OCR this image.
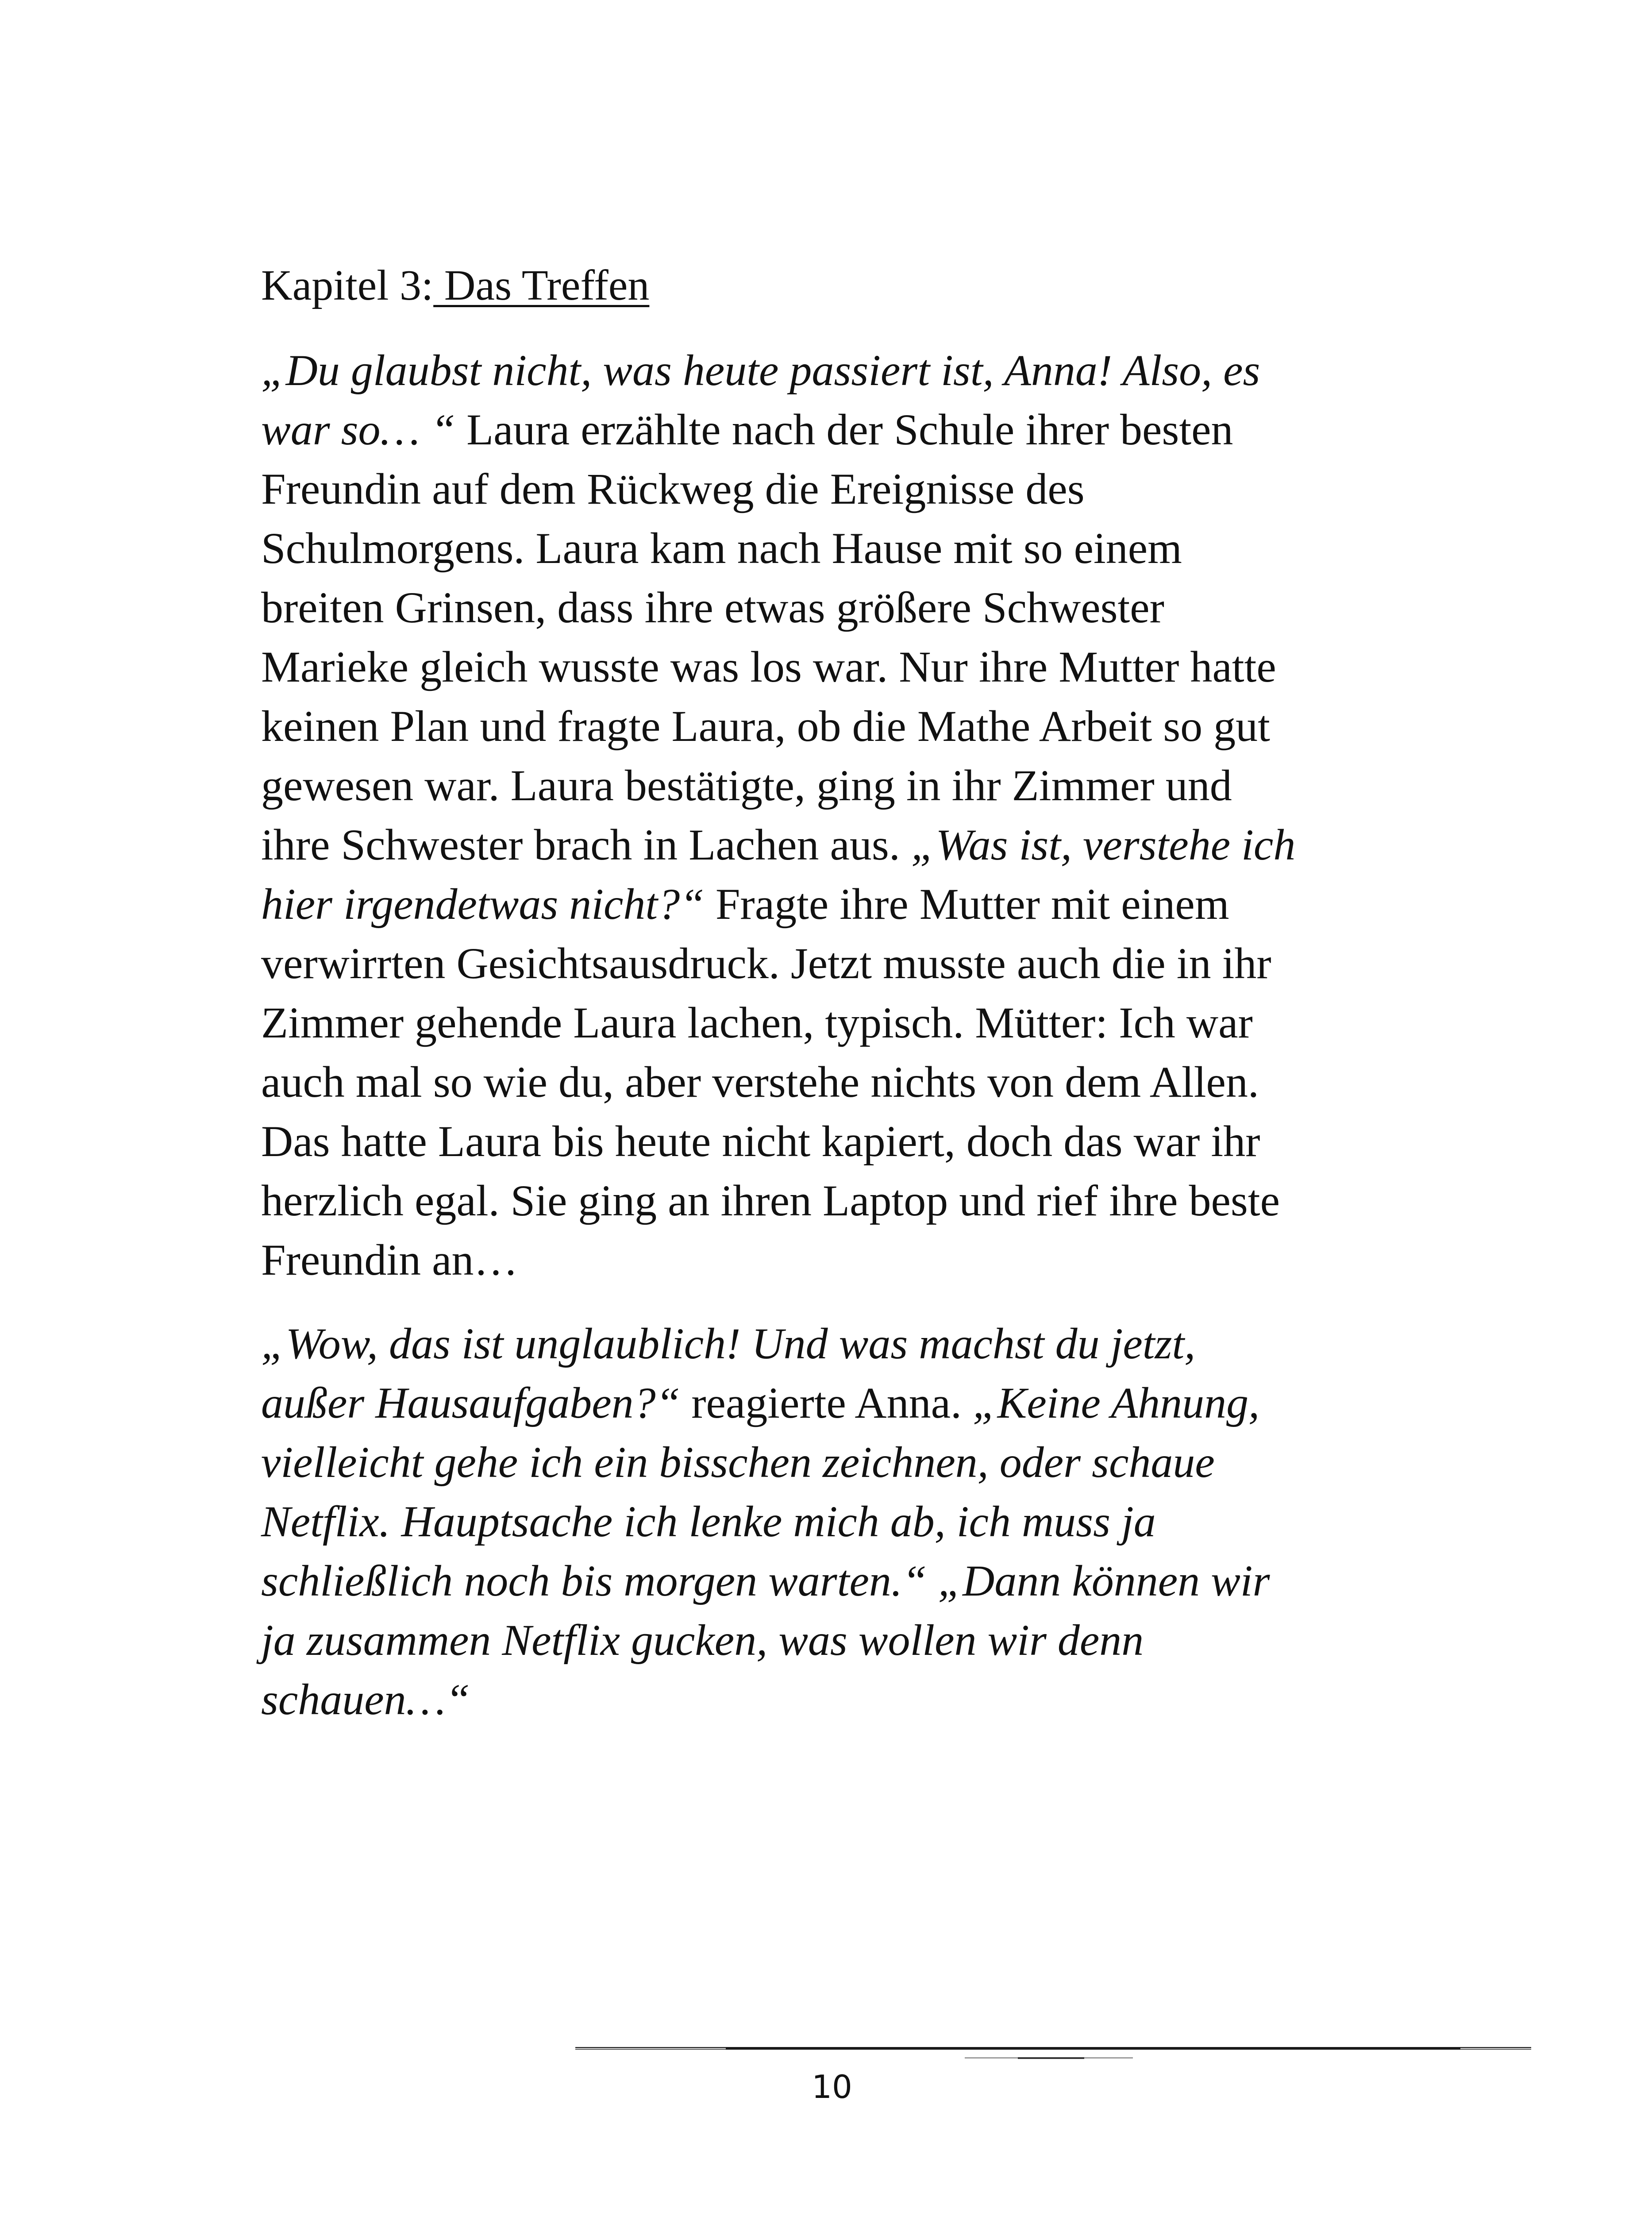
Kapitel 3: Das Treffen

„Du glaubst nicht, was heute passiert ist, Anna! Also, es
war so… “ Laura erzählte nach der Schule ihrer besten
Freundin auf dem Rückweg die Ereignisse des
Schulmorgens. Laura kam nach Hause mit so einem
breiten Grinsen, dass ihre etwas größere Schwester
Marieke gleich wusste was los war. Nur ihre Mutter hatte
keinen Plan und fragte Laura, ob die Mathe Arbeit so gut
gewesen war. Laura bestätigte, ging in ihr Zimmer und
ihre Schwester brach in Lachen aus. „Was ist, verstehe ich
hier irgendetwas nicht?“ Fragte ihre Mutter mit einem
verwirrten Gesichtsausdruck. Jetzt musste auch die in ihr
Zimmer gehende Laura lachen, typisch. Mütter: Ich war
auch mal so wie du, aber verstehe nichts von dem Allen.
Das hatte Laura bis heute nicht kapiert, doch das war ihr
herzlich egal. Sie ging an ihren Laptop und rief ihre beste
Freundin an…

„Wow, das ist unglaublich! Und was machst du jetzt,
außer Hausaufgaben?“ reagierte Anna. „Keine Ahnung,
vielleicht gehe ich ein bisschen zeichnen, oder schaue
Netflix. Hauptsache ich lenke mich ab, ich muss ja
schließlich noch bis morgen warten.“ „Dann können wir
ja zusammen Netflix gucken, was wollen wir denn
schauen…“

10
